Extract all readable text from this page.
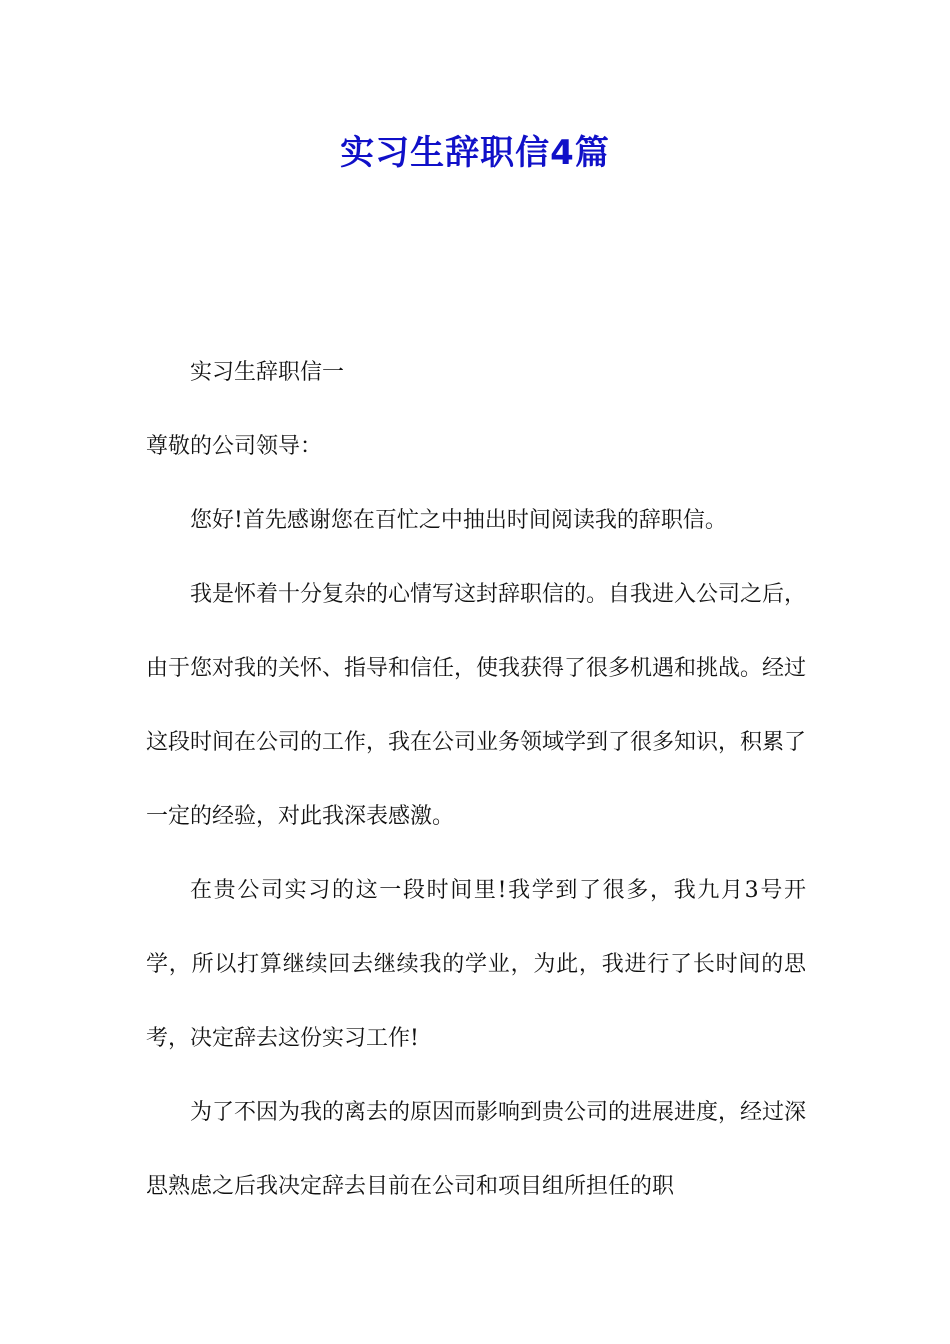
实习生辞职信4篇

实习生辞职信一

尊敬的公司领导：

您好!首先感谢您在百忙之中抽出时间阅读我的辞职信。

我是怀着十分复杂的心情写这封辞职信的。自我进入公司之后，由于您对我的关怀、指导和信任，使我获得了很多机遇和挑战。经过这段时间在公司的工作，我在公司业务领域学到了很多知识，积累了一定的经验，对此我深表感激。

在贵公司实习的这一段时间里!我学到了很多，我九月3号开学，所以打算继续回去继续我的学业，为此，我进行了长时间的思考，决定辞去这份实习工作!

为了不因为我的离去的原因而影响到贵公司的进展进度，经过深思熟虑之后我决定辞去目前在公司和项目组所担任的职
